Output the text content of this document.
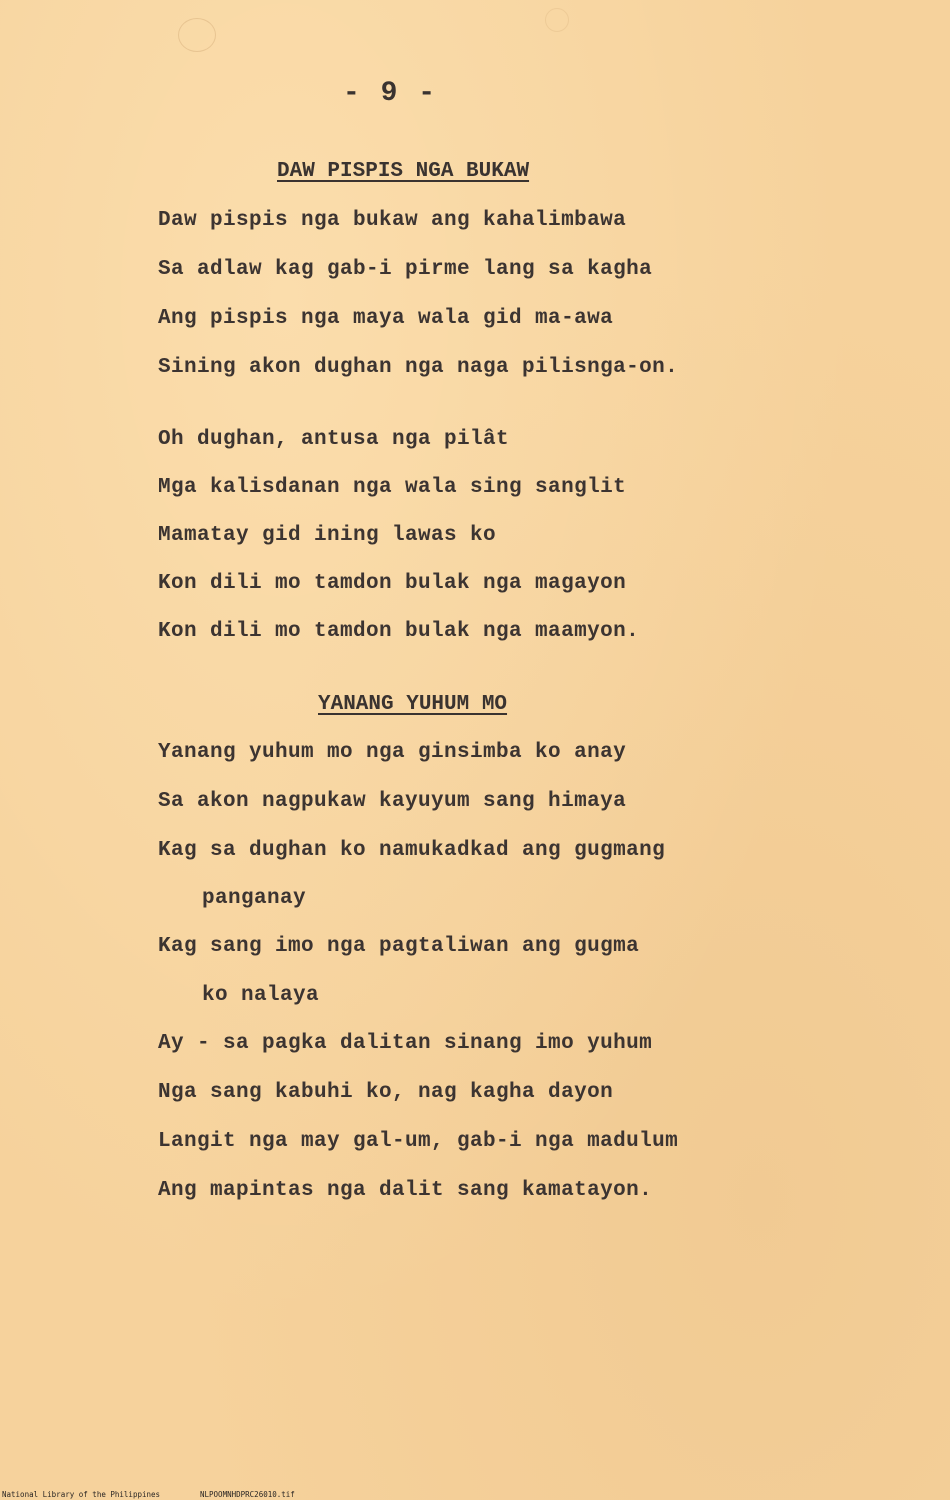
- 9 -
DAW PISPIS NGA BUKAW
Daw pispis nga bukaw ang kahalimbawa
Sa adlaw kag gab-i pirme lang sa kagha
Ang pispis nga maya wala gid ma-awa
Sining akon dughan nga naga pilisnga-on.
Oh dughan, antusa nga pilât
Mga kalisdanan nga wala sing sanglit
Mamatay gid ining lawas ko
Kon dili mo tamdon bulak nga magayon
Kon dili mo tamdon bulak nga maamyon.
YANANG YUHUM MO
Yanang yuhum mo nga ginsimba ko anay
Sa akon nagpukaw kayuyum sang himaya
Kag sa dughan ko namukadkad ang gugmang
panganay
Kag sang imo nga pagtaliwan ang gugma
ko nalaya
Ay - sa pagka dalitan sinang imo yuhum
Nga sang kabuhi ko, nag kagha dayon
Langit nga may gal-um, gab-i nga madulum
Ang mapintas nga dalit sang kamatayon.
National Library of the Philippines	NLPOOMNHDPRC26010.tif
